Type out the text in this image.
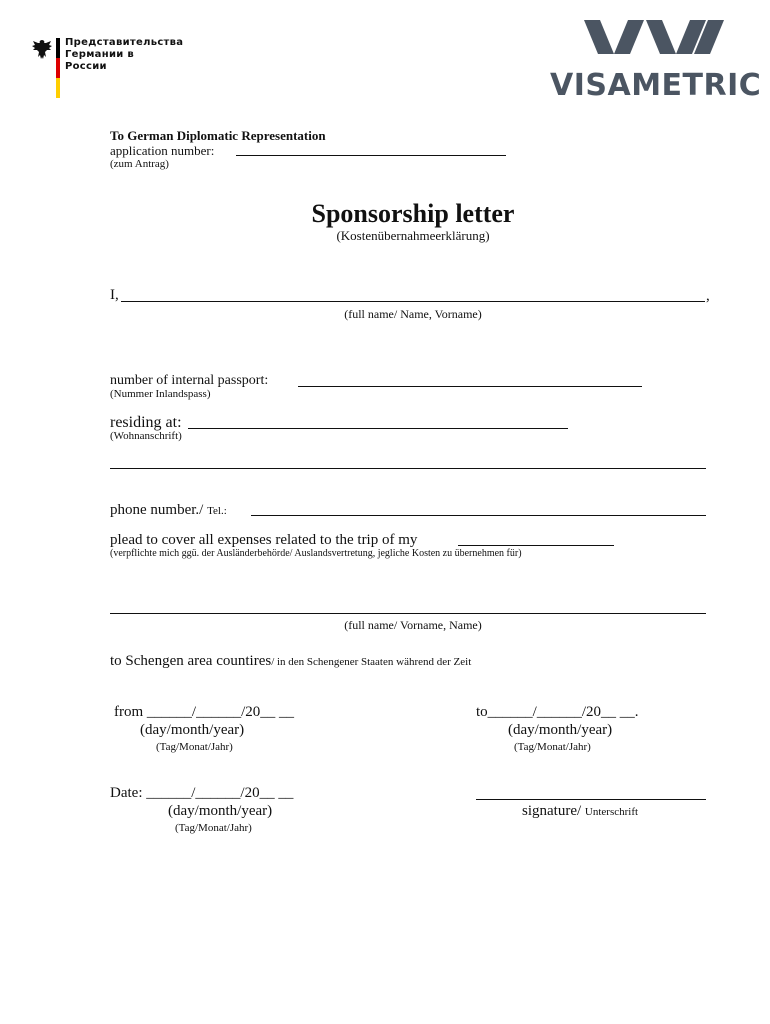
Представительства
Германии в
России
VISAMETRIC
To German Diplomatic Representation
application number:
(zum Antrag)
Sponsorship letter
(Kostenübernahmeerklärung)
I,	,
(full name/ Name, Vorname)
number of internal passport:
(Nummer Inlandspass)
residing at:
(Wohnanschrift)
phone number./ Tel.:
plead to cover all expenses related to the trip of my
(verpflichte mich ggü. der Ausländerbehörde/ Auslandsvertretung, jegliche Kosten zu übernehmen für)
(full name/ Vorname, Name)
to Schengen area countires/ in den Schengener Staaten während der Zeit
from ______/______/20__ __
(day/month/year)
(Tag/Monat/Jahr)
to______/______/20__ __.
(day/month/year)
(Tag/Monat/Jahr)
Date: ______/______/20__ __
(day/month/year)
(Tag/Monat/Jahr)
signature/ Unterschrift
